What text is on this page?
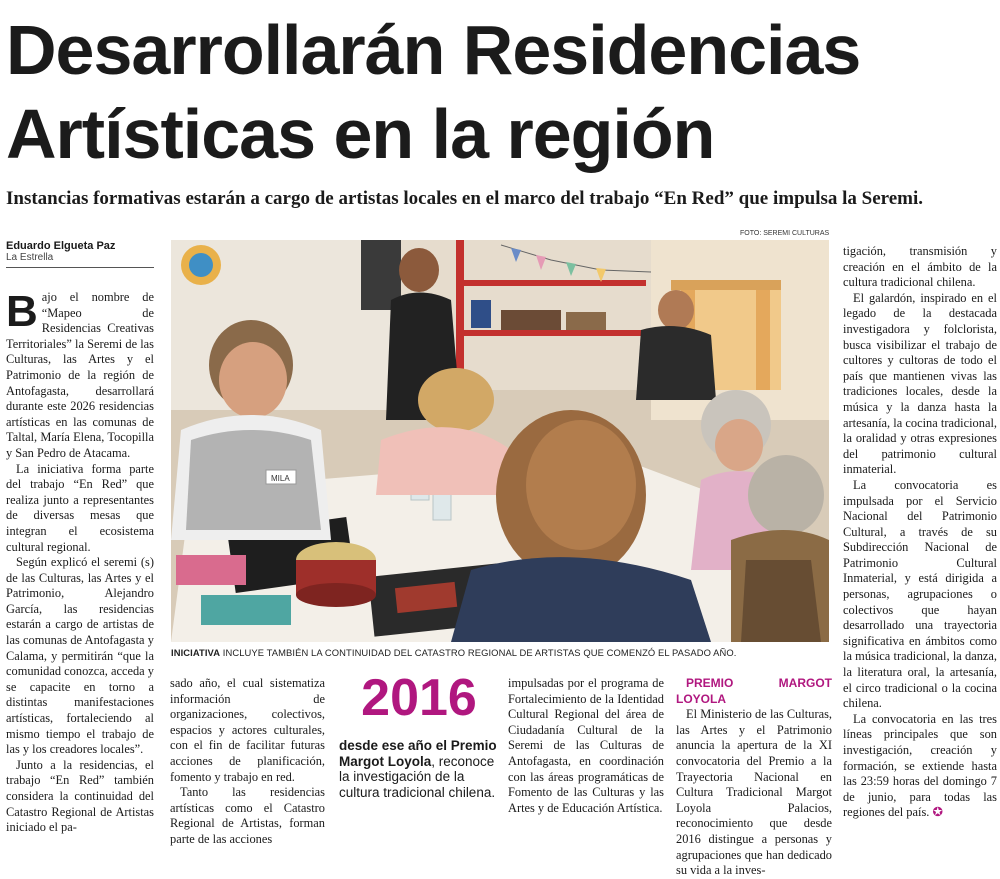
Desarrollarán Residencias Artísticas en la región
Instancias formativas estarán a cargo de artistas locales en el marco del trabajo “En Red” que impulsa la Seremi.
Eduardo Elgueta Paz
La Estrella
FOTO: SEREMI CULTURAS
MILA
INICIATIVA INCLUYE TAMBIÉN LA CONTINUIDAD DEL CATASTRO REGIONAL DE ARTISTAS QUE COMENZÓ EL PASADO AÑO.

Bajo el nombre de “Mapeo de Residencias Creativas Territoriales” la Seremi de las Culturas, las Artes y el Patrimonio de la región de Antofagasta, desarrollará durante este 2026 residencias artísticas en las comunas de Taltal, María Elena, Tocopilla y San Pedro de Atacama.

La iniciativa forma parte del trabajo “En Red” que realiza junto a representantes de diversas mesas que integran el ecosistema cultural regional.

Según explicó el seremi (s) de las Culturas, las Artes y el Patrimonio, Alejandro García, las residencias estarán a cargo de artistas de las comunas de Antofagasta y Calama, y permitirán “que la comunidad conozca, acceda y se capacite en torno a distintas manifestaciones artísticas, fortaleciendo al mismo tiempo el trabajo de las y los creadores locales”.

Junto a la residencias, el trabajo “En Red” también considera la continuidad del Catastro Regional de Artistas iniciado el pa-

sado año, el cual sistematiza información de organizaciones, colectivos, espacios y actores culturales, con el fin de facilitar futuras acciones de planificación, fomento y trabajo en red.

Tanto las residencias artísticas como el Catastro Regional de Artistas, forman parte de las acciones

2016
desde ese año el Premio Margot Loyola, reconoce la investigación de la cultura tradicional chilena.

impulsadas por el programa de Fortalecimiento de la Identidad Cultural Regional del área de Ciudadanía Cultural de la Seremi de las Culturas de Antofagasta, en coordinación con las áreas programáticas de Fomento de las Culturas y las Artes y de Educación Artística.

PREMIO MARGOT LOYOLA

El Ministerio de las Culturas, las Artes y el Patrimonio anuncia la apertura de la XI convocatoria del Premio a la Trayectoria Nacional en Cultura Tradicional Margot Loyola Palacios, reconocimiento que desde 2016 distingue a personas y agrupaciones que han dedicado su vida a la inves-

tigación, transmisión y creación en el ámbito de la cultura tradicional chilena.

El galardón, inspirado en el legado de la destacada investigadora y folclorista, busca visibilizar el trabajo de cultores y cultoras de todo el país que mantienen vivas las tradiciones locales, desde la música y la danza hasta la artesanía, la cocina tradicional, la oralidad y otras expresiones del patrimonio cultural inmaterial.

La convocatoria es impulsada por el Servicio Nacional del Patrimonio Cultural, a través de su Subdirección Nacional de Patrimonio Cultural Inmaterial, y está dirigida a personas, agrupaciones o colectivos que hayan desarrollado una trayectoria significativa en ámbitos como la música tradicional, la danza, la literatura oral, la artesanía, el circo tradicional o la cocina chilena.

La convocatoria en las tres líneas principales que son investigación, creación y formación, se extiende hasta las 23:59 horas del domingo 7 de junio, para todas las regiones del país. ✪
